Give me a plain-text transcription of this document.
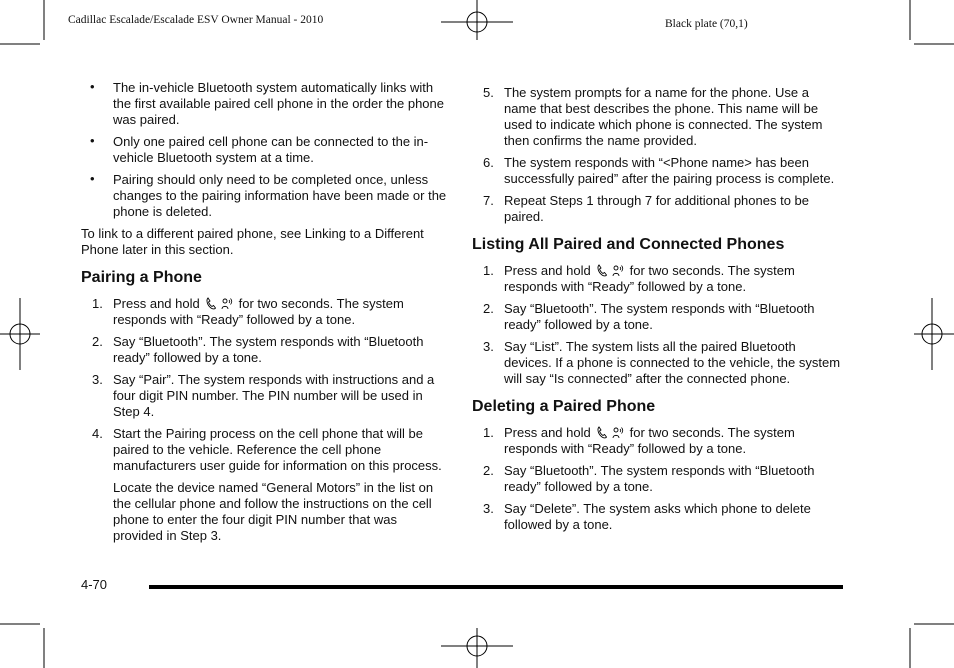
Cadillac Escalade/Escalade ESV Owner Manual - 2010	Black plate (70,1)
• The in-vehicle Bluetooth system automatically links with the first available paired cell phone in the order the phone was paired.
• Only one paired cell phone can be connected to the in-vehicle Bluetooth system at a time.
• Pairing should only need to be completed once, unless changes to the pairing information have been made or the phone is deleted.

To link to a different paired phone, see Linking to a Different Phone later in this section.

Pairing a Phone
1. Press and hold	for two seconds. The system responds with “Ready” followed by a tone.
2. Say “Bluetooth”. The system responds with “Bluetooth ready” followed by a tone.
3. Say “Pair”. The system responds with instructions and a four digit PIN number. The PIN number will be used in Step 4.
4. Start the Pairing process on the cell phone that will be paired to the vehicle. Reference the cell phone manufacturers user guide for information on this process.

Locate the device named “General Motors” in the list on the cellular phone and follow the instructions on the cell phone to enter the four digit PIN number that was provided in Step 3.

5. The system prompts for a name for the phone. Use a name that best describes the phone. This name will be used to indicate which phone is connected. The system then confirms the name provided.
6. The system responds with “<Phone name> has been successfully paired” after the pairing process is complete.
7. Repeat Steps 1 through 7 for additional phones to be paired.
Listing All Paired and Connected Phones
1. Press and hold	for two seconds. The system responds with “Ready” followed by a tone.
2. Say “Bluetooth”. The system responds with “Bluetooth ready” followed by a tone.
3. Say “List”. The system lists all the paired Bluetooth devices. If a phone is connected to the vehicle, the system will say “Is connected” after the connected phone.
Deleting a Paired Phone
1. Press and hold	for two seconds. The system responds with “Ready” followed by a tone.
2. Say “Bluetooth”. The system responds with “Bluetooth ready” followed by a tone.
3. Say “Delete”. The system asks which phone to delete followed by a tone.
4-70
